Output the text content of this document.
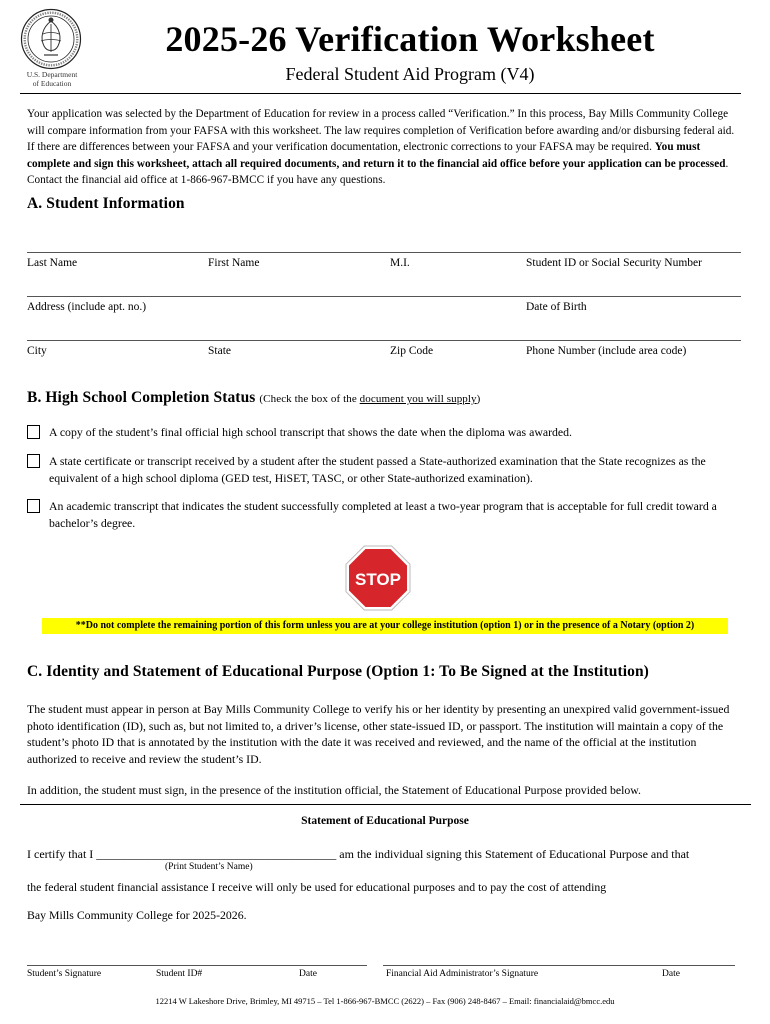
U.S. Department
of Education
2025-26 Verification Worksheet
Federal Student Aid Program (V4)
Your application was selected by the Department of Education for review in a process called “Verification.” In this process, Bay Mills Community College will compare information from your FAFSA with this worksheet. The law requires completion of Verification before awarding and/or disbursing federal aid. If there are differences between your FAFSA and your verification documentation, electronic corrections to your FAFSA may be required. You must complete and sign this worksheet, attach all required documents, and return it to the financial aid office before your application can be processed. Contact the financial aid office at 1-866-967-BMCC if you have any questions.
A. Student Information
Last Name	First Name	M.I.	Student ID or Social Security Number
Address (include apt. no.)	Date of Birth
City	State	Zip Code	Phone Number (include area code)
B. High School Completion Status (Check the box of the document you will supply)
A copy of the student’s final official high school transcript that shows the date when the diploma was awarded.
A state certificate or transcript received by a student after the student passed a State-authorized examination that the State recognizes as the equivalent of a high school diploma (GED test, HiSET, TASC, or other State-authorized examination).
An academic transcript that indicates the student successfully completed at least a two-year program that is acceptable for full credit toward a bachelor’s degree.
STOP
**Do not complete the remaining portion of this form unless you are at your college institution (option 1) or in the presence of a Notary (option 2)
C. Identity and Statement of Educational Purpose (Option 1: To Be Signed at the Institution)
The student must appear in person at Bay Mills Community College to verify his or her identity by presenting an unexpired valid government-issued photo identification (ID), such as, but not limited to, a driver’s license, other state-issued ID, or passport. The institution will maintain a copy of the student’s photo ID that is annotated by the institution with the date it was received and reviewed, and the name of the official at the institution authorized to receive and review the student’s ID.
In addition, the student must sign, in the presence of the institution official, the Statement of Educational Purpose provided below.
Statement of Educational Purpose
I certify that I ________________________________________ am the individual signing this Statement of Educational Purpose and that
(Print Student’s Name)
the federal student financial assistance I receive will only be used for educational purposes and to pay the cost of attending
Bay Mills Community College for 2025-2026.
Student’s Signature	Student ID#	Date	Financial Aid Administrator’s Signature	Date
12214 W Lakeshore Drive, Brimley, MI 49715 – Tel 1-866-967-BMCC (2622) – Fax (906) 248-8467 – Email: financialaid@bmcc.edu
